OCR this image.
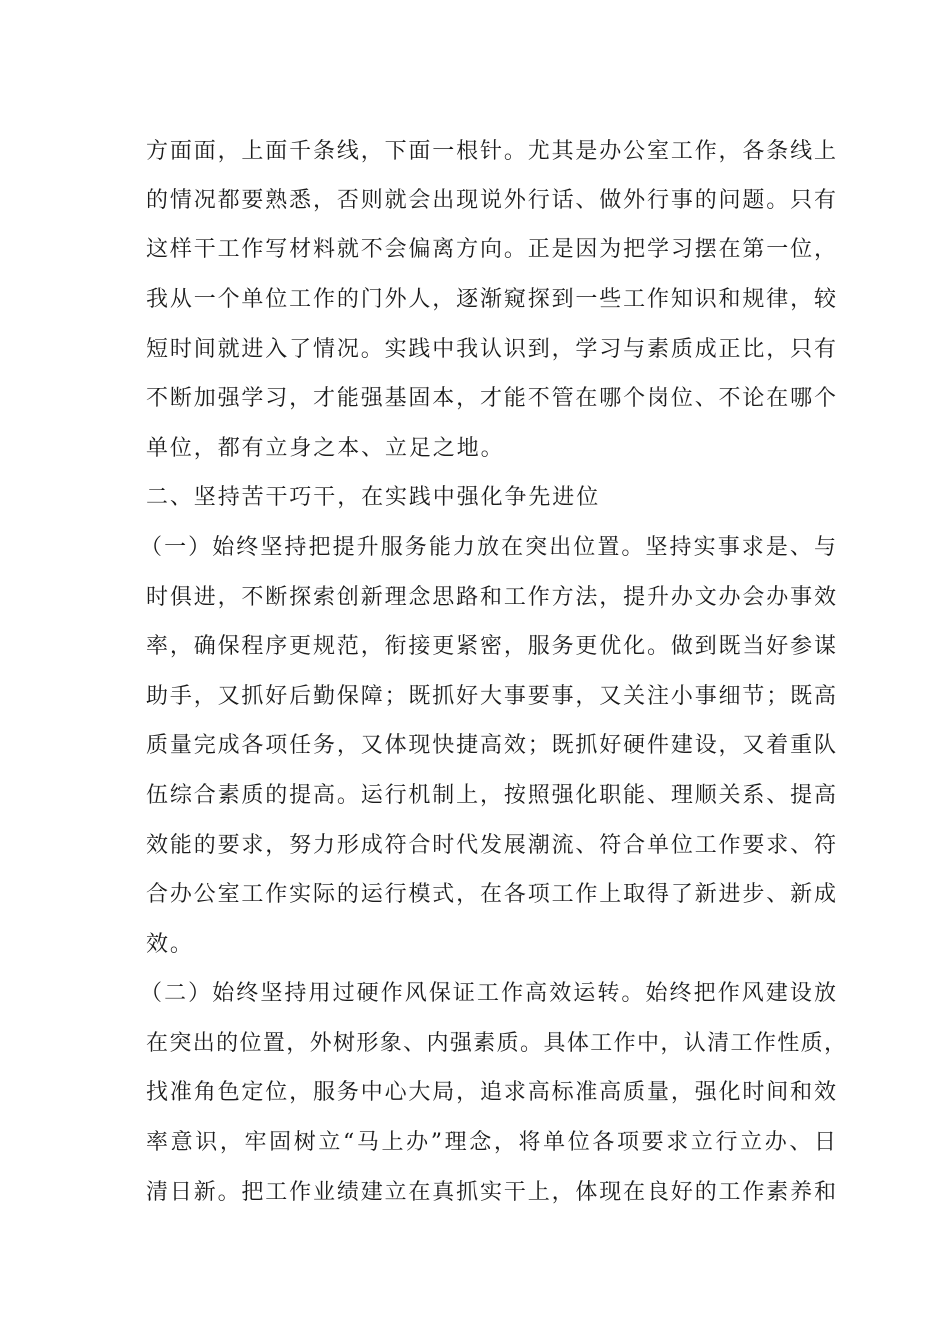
方面面，上面千条线，下面一根针。尤其是办公室工作，各条线上
的情况都要熟悉，否则就会出现说外行话、做外行事的问题。只有
这样干工作写材料就不会偏离方向。正是因为把学习摆在第一位，
我从一个单位工作的门外人，逐渐窥探到一些工作知识和规律，较
短时间就进入了情况。实践中我认识到，学习与素质成正比，只有
不断加强学习，才能强基固本，才能不管在哪个岗位、不论在哪个
单位，都有立身之本、立足之地。
二、坚持苦干巧干，在实践中强化争先进位
（一）始终坚持把提升服务能力放在突出位置。坚持实事求是、与
时俱进，不断探索创新理念思路和工作方法，提升办文办会办事效
率，确保程序更规范，衔接更紧密，服务更优化。做到既当好参谋
助手，又抓好后勤保障；既抓好大事要事，又关注小事细节；既高
质量完成各项任务，又体现快捷高效；既抓好硬件建设，又着重队
伍综合素质的提高。运行机制上，按照强化职能、理顺关系、提高
效能的要求，努力形成符合时代发展潮流、符合单位工作要求、符
合办公室工作实际的运行模式，在各项工作上取得了新进步、新成
效。
（二）始终坚持用过硬作风保证工作高效运转。始终把作风建设放
在突出的位置，外树形象、内强素质。具体工作中，认清工作性质，
找准角色定位，服务中心大局，追求高标准高质量，强化时间和效
率意识，牢固树立“马上办”理念，将单位各项要求立行立办、日
清日新。把工作业绩建立在真抓实干上，体现在良好的工作素养和
